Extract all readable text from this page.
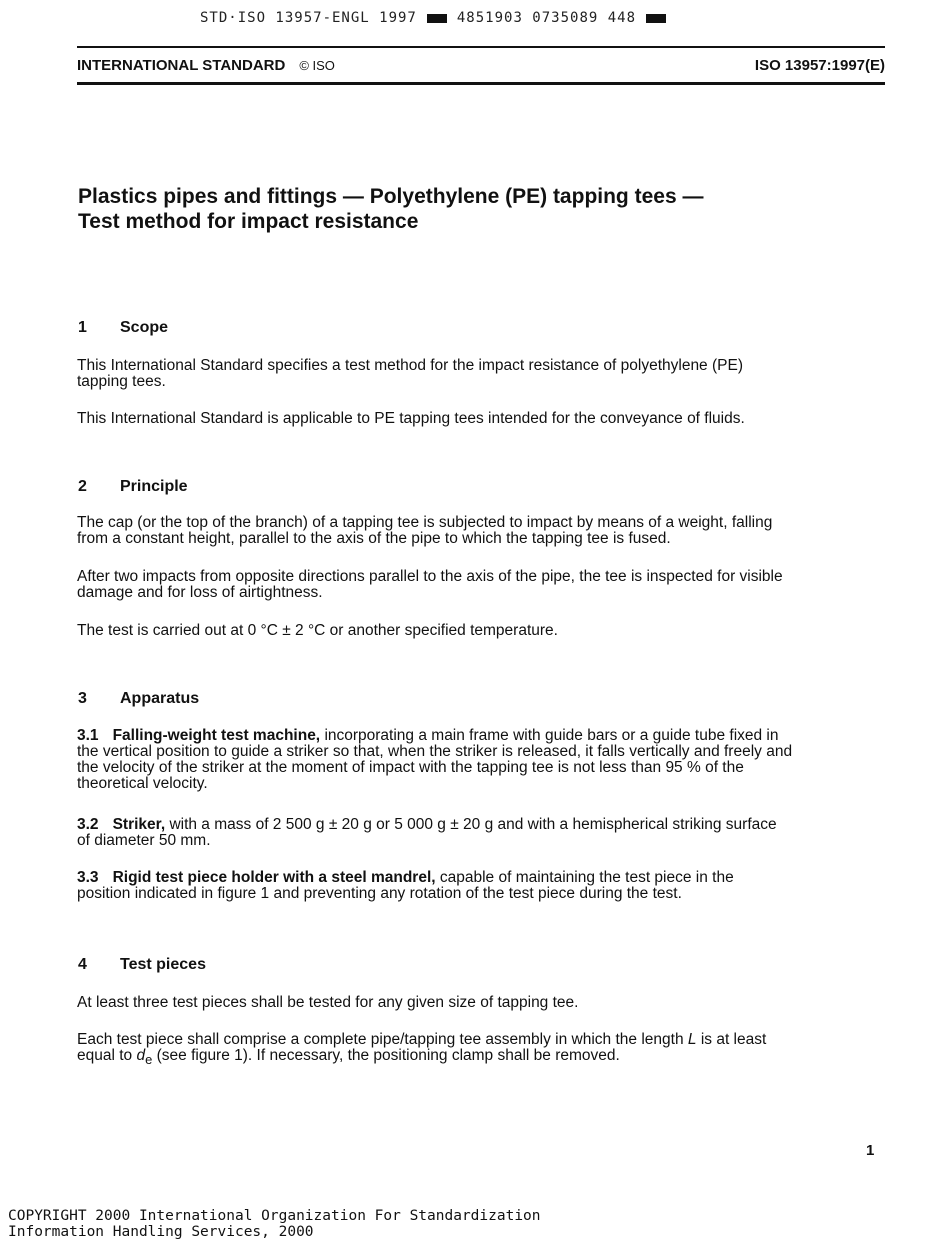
STD·ISO 13957-ENGL 1997	4851903 0735089 448
INTERNATIONAL STANDARD © ISO	ISO 13957:1997(E)
Plastics pipes and fittings — Polyethylene (PE) tapping tees —
Test method for impact resistance
1	Scope

This International Standard specifies a test method for the impact resistance of polyethylene (PE)
tapping tees.

This International Standard is applicable to PE tapping tees intended for the conveyance of fluids.

2	Principle

The cap (or the top of the branch) of a tapping tee is subjected to impact by means of a weight, falling
from a constant height, parallel to the axis of the pipe to which the tapping tee is fused.

After two impacts from opposite directions parallel to the axis of the pipe, the tee is inspected for visible
damage and for loss of airtightness.

The test is carried out at 0 °C ± 2 °C or another specified temperature.

3	Apparatus

3.1 Falling-weight test machine, incorporating a main frame with guide bars or a guide tube fixed in
the vertical position to guide a striker so that, when the striker is released, it falls vertically and freely and
the velocity of the striker at the moment of impact with the tapping tee is not less than 95 % of the
theoretical velocity.

3.2 Striker, with a mass of 2 500 g ± 20 g or 5 000 g ± 20 g and with a hemispherical striking surface
of diameter 50 mm.

3.3 Rigid test piece holder with a steel mandrel, capable of maintaining the test piece in the
position indicated in figure 1 and preventing any rotation of the test piece during the test.

4	Test pieces

At least three test pieces shall be tested for any given size of tapping tee.

Each test piece shall comprise a complete pipe/tapping tee assembly in which the length L is at least
equal to $d_e$ (see figure 1). If necessary, the positioning clamp shall be removed.

1
COPYRIGHT 2000 International Organization For Standardization
Information Handling Services, 2000
